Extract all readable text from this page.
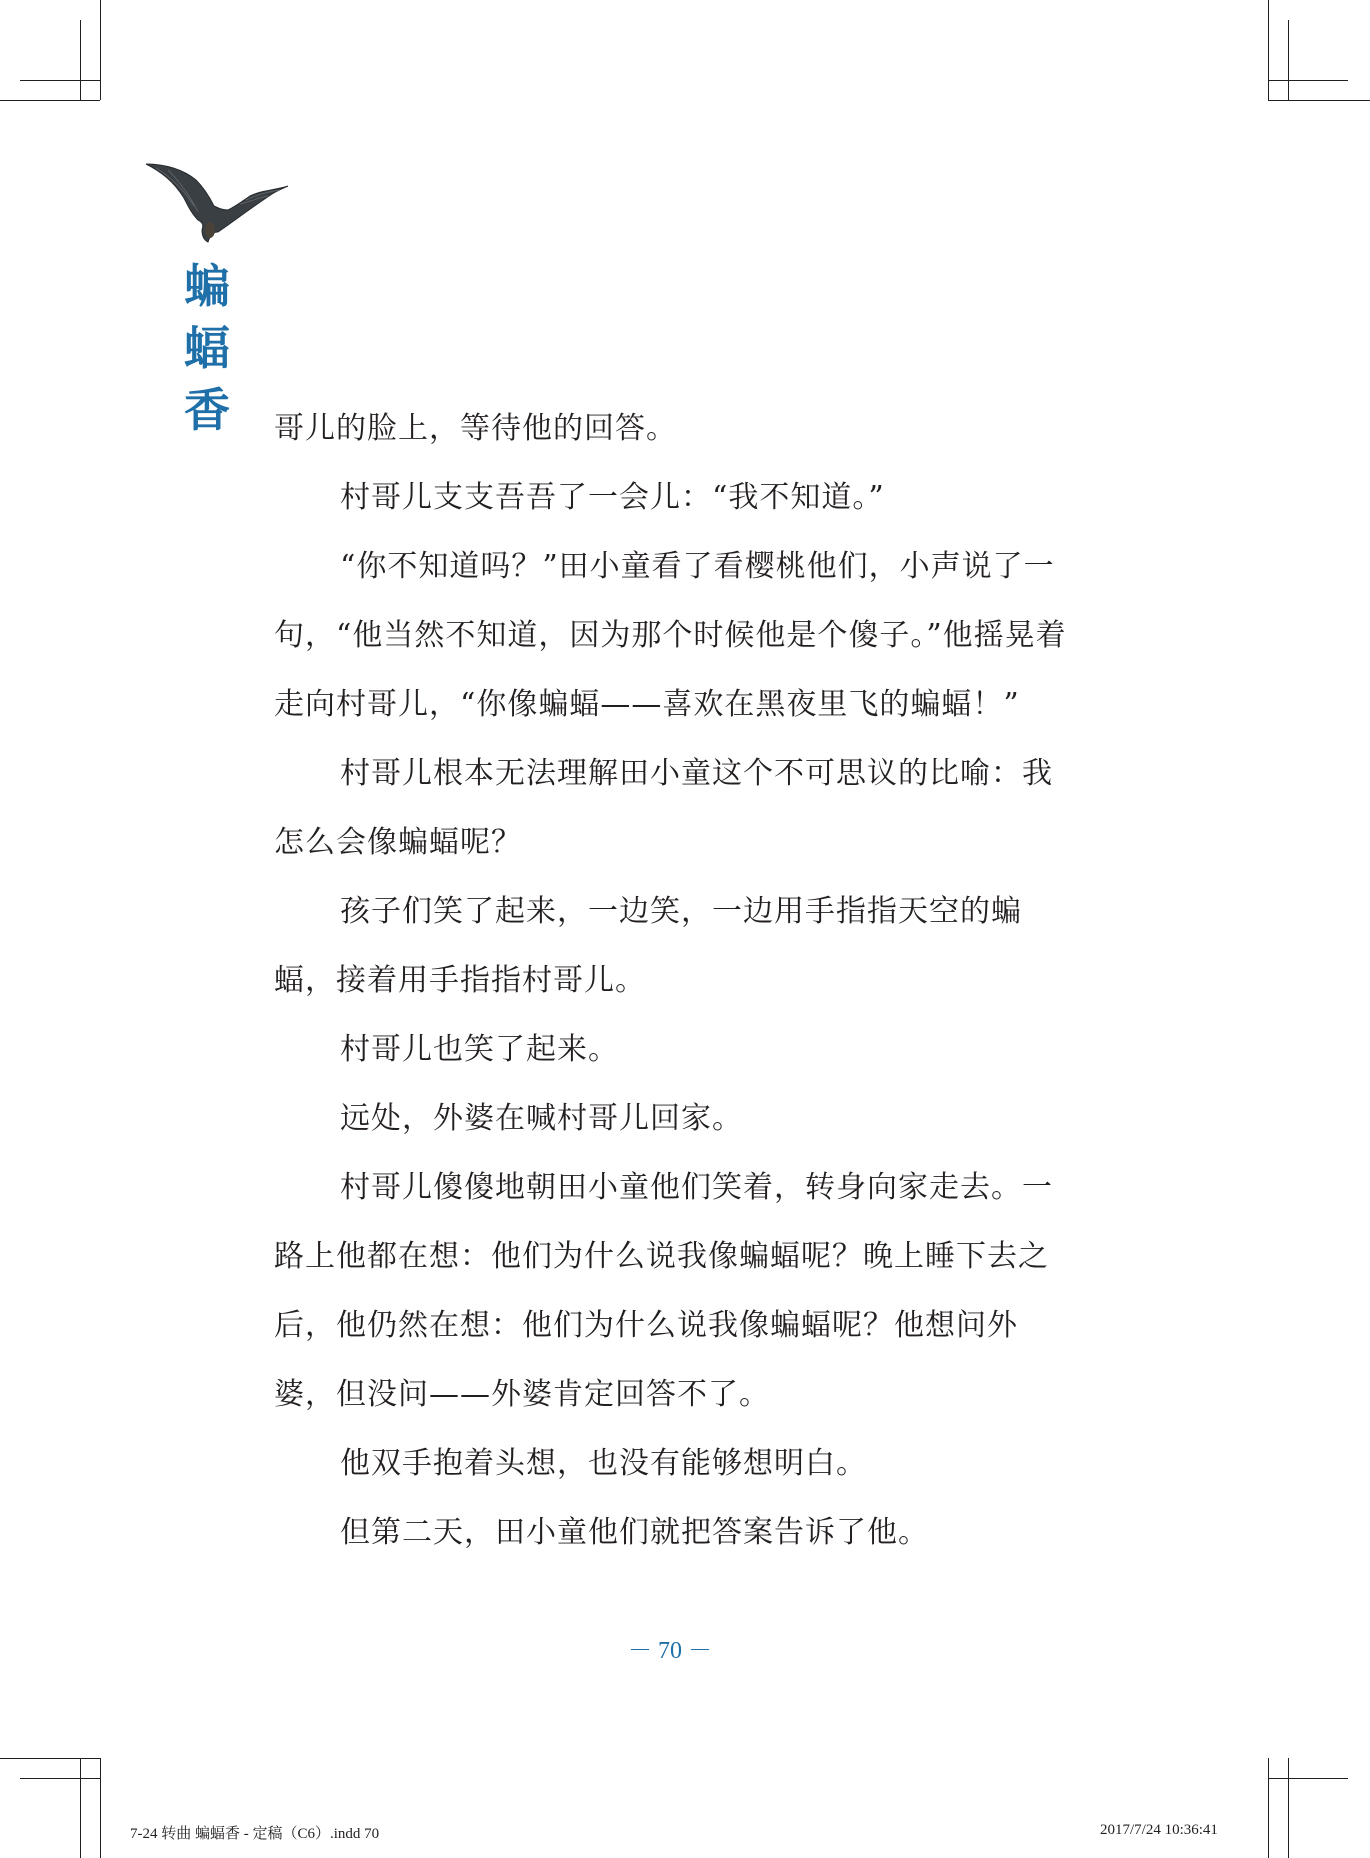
蝙
蝠
香	哥儿的脸上，等待他的回答。

村哥儿支支吾吾了一会儿：“我不知道。”

“你不知道吗？”田小童看了看樱桃他们，小声说了一句，“他当然不知道，因为那个时候他是个傻子。”他摇晃着走向村哥儿，“你像蝙蝠——喜欢在黑夜里飞的蝙蝠！”

村哥儿根本无法理解田小童这个不可思议的比喻：我怎么会像蝙蝠呢？

孩子们笑了起来，一边笑，一边用手指指天空的蝙蝠，接着用手指指村哥儿。

村哥儿也笑了起来。

远处，外婆在喊村哥儿回家。

村哥儿傻傻地朝田小童他们笑着，转身向家走去。一路上他都在想：他们为什么说我像蝙蝠呢？晚上睡下去之后，他仍然在想：他们为什么说我像蝙蝠呢？他想问外婆，但没问——外婆肯定回答不了。

他双手抱着头想，也没有能够想明白。

但第二天，田小童他们就把答案告诉了他。

－ 70 －
7-24 转曲 蝙蝠香 - 定稿（C6）.indd 70	2017/7/24 10:36:41
